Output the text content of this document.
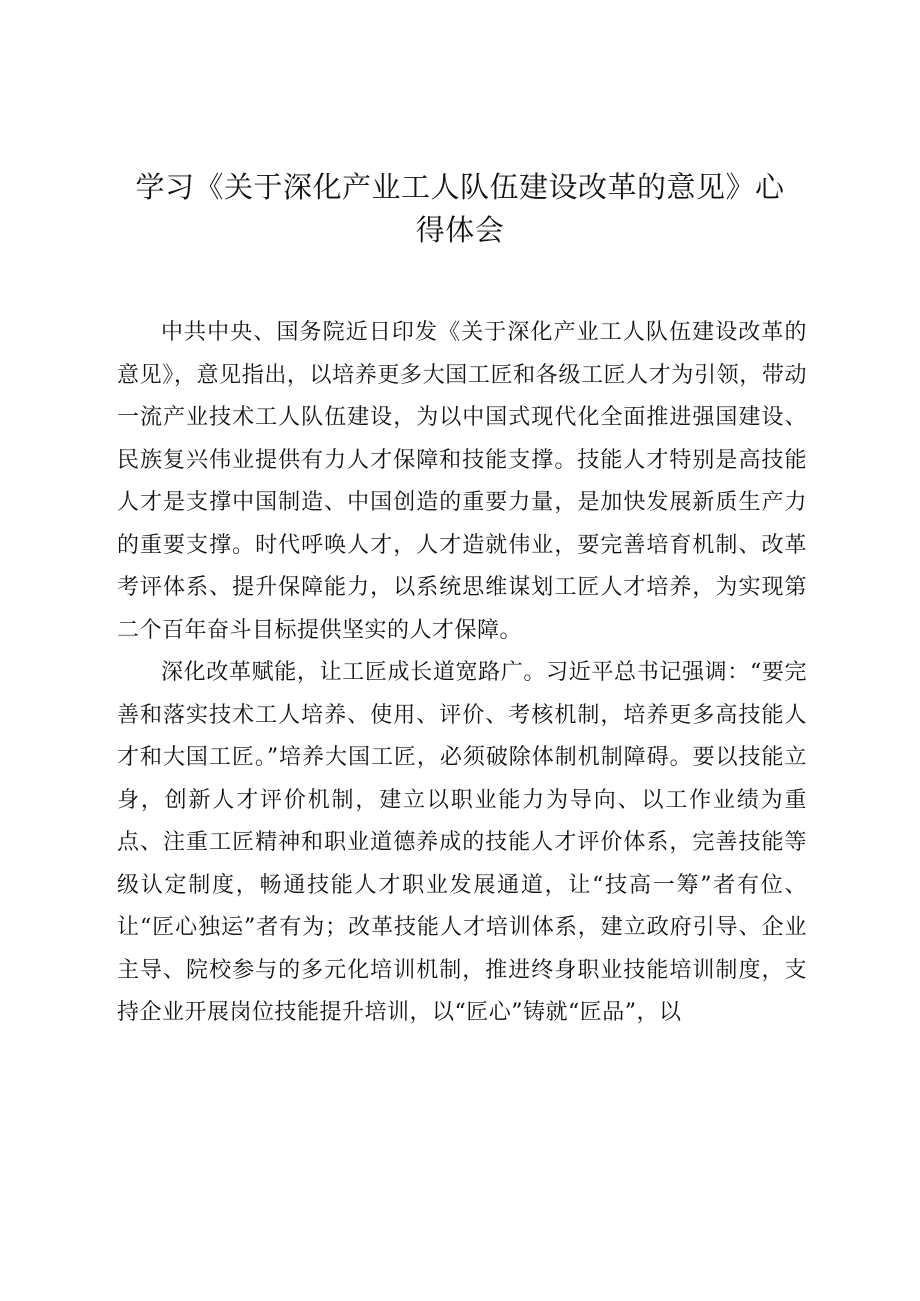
学习《关于深化产业工人队伍建设改革的意见》心得体会

中共中央、国务院近日印发《关于深化产业工人队伍建设改革的意见》，意见指出，以培养更多大国工匠和各级工匠人才为引领，带动一流产业技术工人队伍建设，为以中国式现代化全面推进强国建设、民族复兴伟业提供有力人才保障和技能支撑。技能人才特别是高技能人才是支撑中国制造、中国创造的重要力量，是加快发展新质生产力的重要支撑。时代呼唤人才，人才造就伟业，要完善培育机制、改革考评体系、提升保障能力，以系统思维谋划工匠人才培养，为实现第二个百年奋斗目标提供坚实的人才保障。

深化改革赋能，让工匠成长道宽路广。习近平总书记强调：“要完善和落实技术工人培养、使用、评价、考核机制，培养更多高技能人才和大国工匠。”培养大国工匠，必须破除体制机制障碍。要以技能立身，创新人才评价机制，建立以职业能力为导向、以工作业绩为重点、注重工匠精神和职业道德养成的技能人才评价体系，完善技能等级认定制度，畅通技能人才职业发展通道，让“技高一筹”者有位、让“匠心独运”者有为；改革技能人才培训体系，建立政府引导、企业主导、院校参与的多元化培训机制，推进终身职业技能培训制度，支持企业开展岗位技能提升培训，以“匠心”铸就“匠品”，以
